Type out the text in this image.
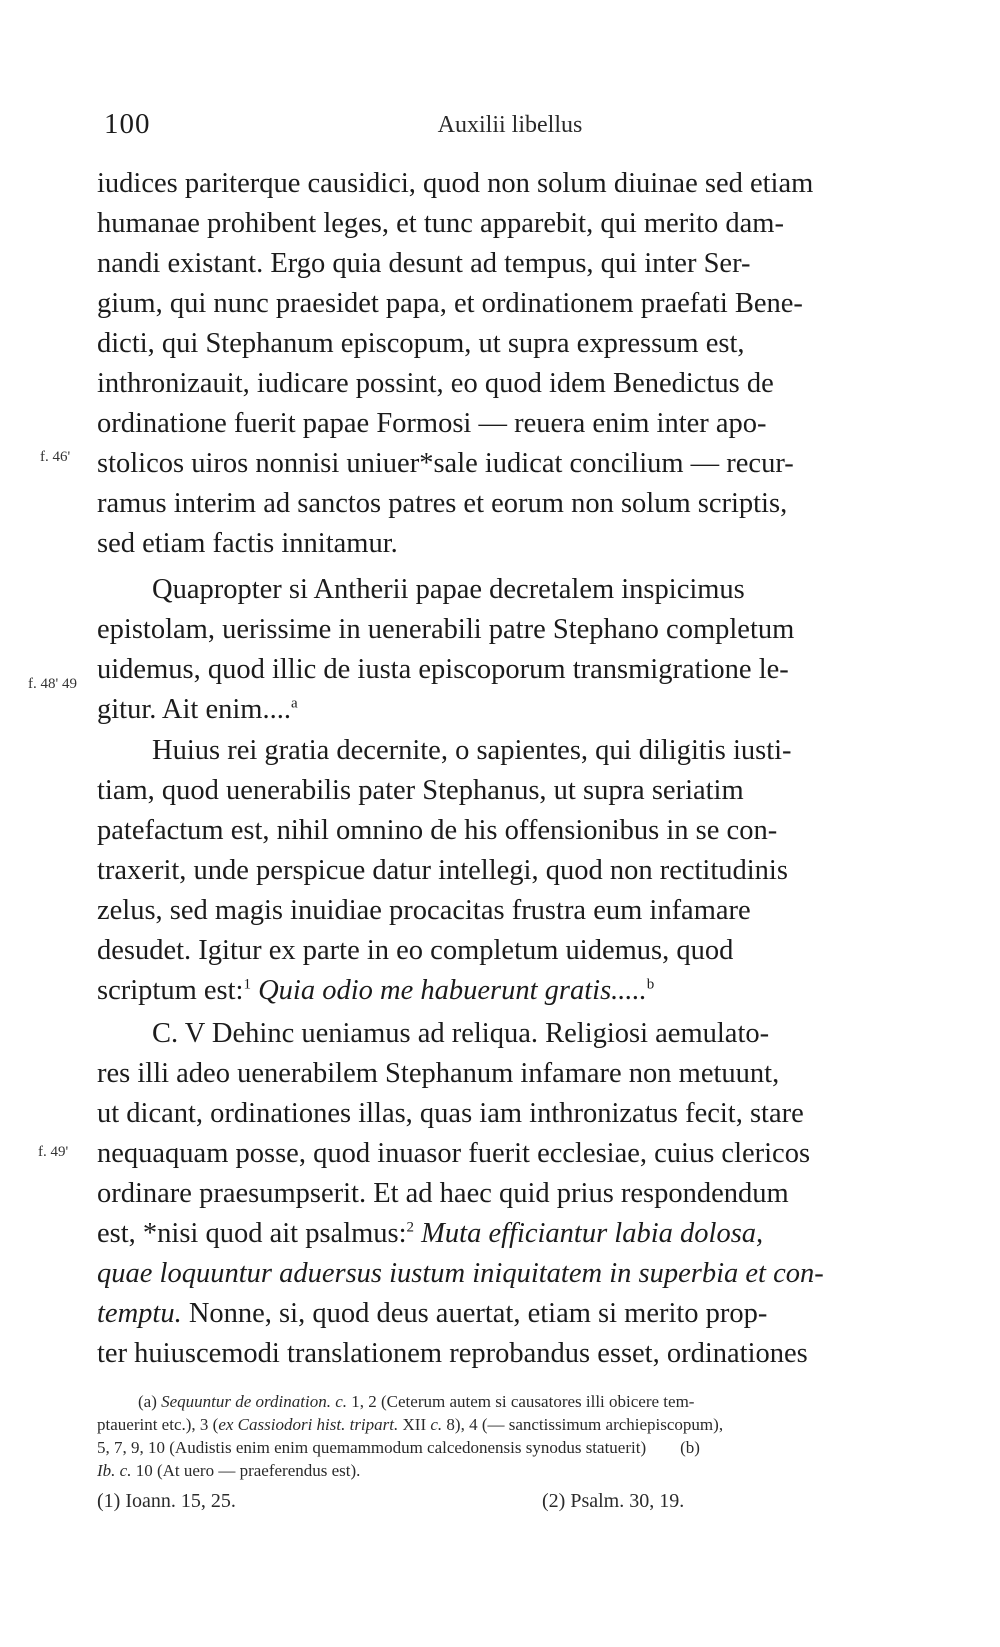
100	Auxilii libellus
f. 46'
f. 48' 49
f. 49'
iudices pariterque causidici, quod non solum diuinae sed etiam
humanae prohibent leges, et tunc apparebit, qui merito dam-
nandi existant. Ergo quia desunt ad tempus, qui inter Ser-
gium, qui nunc praesidet papa, et ordinationem praefati Bene-
dicti, qui Stephanum episcopum, ut supra expressum est,
inthronizauit, iudicare possint, eo quod idem Benedictus de
ordinatione fuerit papae Formosi — reuera enim inter apo-
stolicos uiros nonnisi uniuer*sale iudicat concilium — recur-
ramus interim ad sanctos patres et eorum non solum scriptis,
sed etiam factis innitamur.
Quapropter si Antherii papae decretalem inspicimus
epistolam, uerissime in uenerabili patre Stephano completum
uidemus, quod illic de iusta episcoporum transmigratione le-
gitur. Ait enim....$^a$
Huius rei gratia decernite, o sapientes, qui diligitis iusti-
tiam, quod uenerabilis pater Stephanus, ut supra seriatim
patefactum est, nihil omnino de his offensionibus in se con-
traxerit, unde perspicue datur intellegi, quod non rectitudinis
zelus, sed magis inuidiae procacitas frustra eum infamare
desudet. Igitur ex parte in eo completum uidemus, quod
scriptum est:$^1$ Quia odio me habuerunt gratis.....$^b$
C. V Dehinc ueniamus ad reliqua. Religiosi aemulato-
res illi adeo uenerabilem Stephanum infamare non metuunt,
ut dicant, ordinationes illas, quas iam inthronizatus fecit, stare
nequaquam posse, quod inuasor fuerit ecclesiae, cuius clericos
ordinare praesumpserit. Et ad haec quid prius respondendum
est, *nisi quod ait psalmus:$^2$ Muta efficiantur labia dolosa,
quae loquuntur aduersus iustum iniquitatem in superbia et con-
temptu. Nonne, si, quod deus auertat, etiam si merito prop-
ter huiuscemodi translationem reprobandus esset, ordinationes
(a) Sequuntur de ordination. c. 1, 2 (Ceterum autem si causatores illi obicere tem-
ptauerint etc.), 3 (ex Cassiodori hist. tripart. XII c. 8), 4 (— sanctissimum archiepiscopum),
5, 7, 9, 10 (Audistis enim enim quemammodum calcedonensis synodus statuerit)        (b)
Ib. c. 10 (At uero — praeferendus est).
(1) Ioann. 15, 25.	(2) Psalm. 30, 19.
